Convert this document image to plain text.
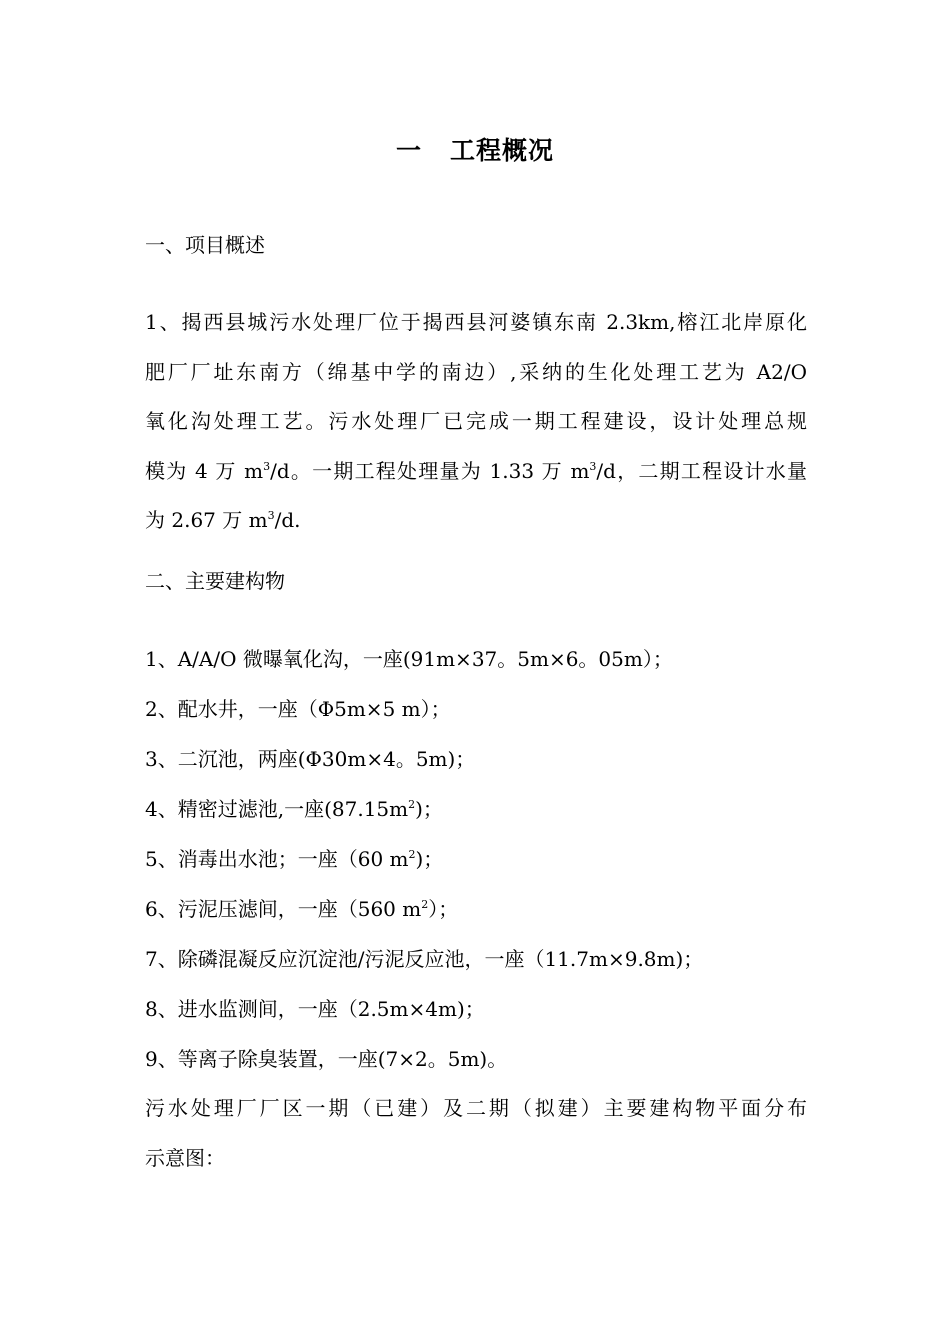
一 工程概况
一、项目概述
1、揭西县城污水处理厂位于揭西县河婆镇东南 2.3km,榕江北岸原化
肥厂厂址东南方（绵基中学的南边）,采纳的生化处理工艺为 A2/O
氧化沟处理工艺。污水处理厂已完成一期工程建设，设计处理总规
模为 4 万 $m^3/d$。一期工程处理量为 1.33 万 $m^3/d$，二期工程设计水量
为 2.67 万 $m^3/d$.
二、主要建构物
1、A/A/O 微曝氧化沟，一座(91m×37。5m×6。05m）；
2、配水井，一座（Φ5m×5 m）；
3、二沉池，两座(Φ30m×4。5m)；
4、精密过滤池,一座$(87.15m^2)$；
5、消毒出水池；一座（60 $m^2$)；
6、污泥压滤间，一座（560 $m^2$）；
7、除磷混凝反应沉淀池/污泥反应池，一座（11.7m×9.8m)；
8、进水监测间，一座（2.5m×4m)；
9、等离子除臭装置，一座(7×2。5m)。
污水处理厂厂区一期（已建）及二期（拟建）主要建构物平面分布
示意图：
